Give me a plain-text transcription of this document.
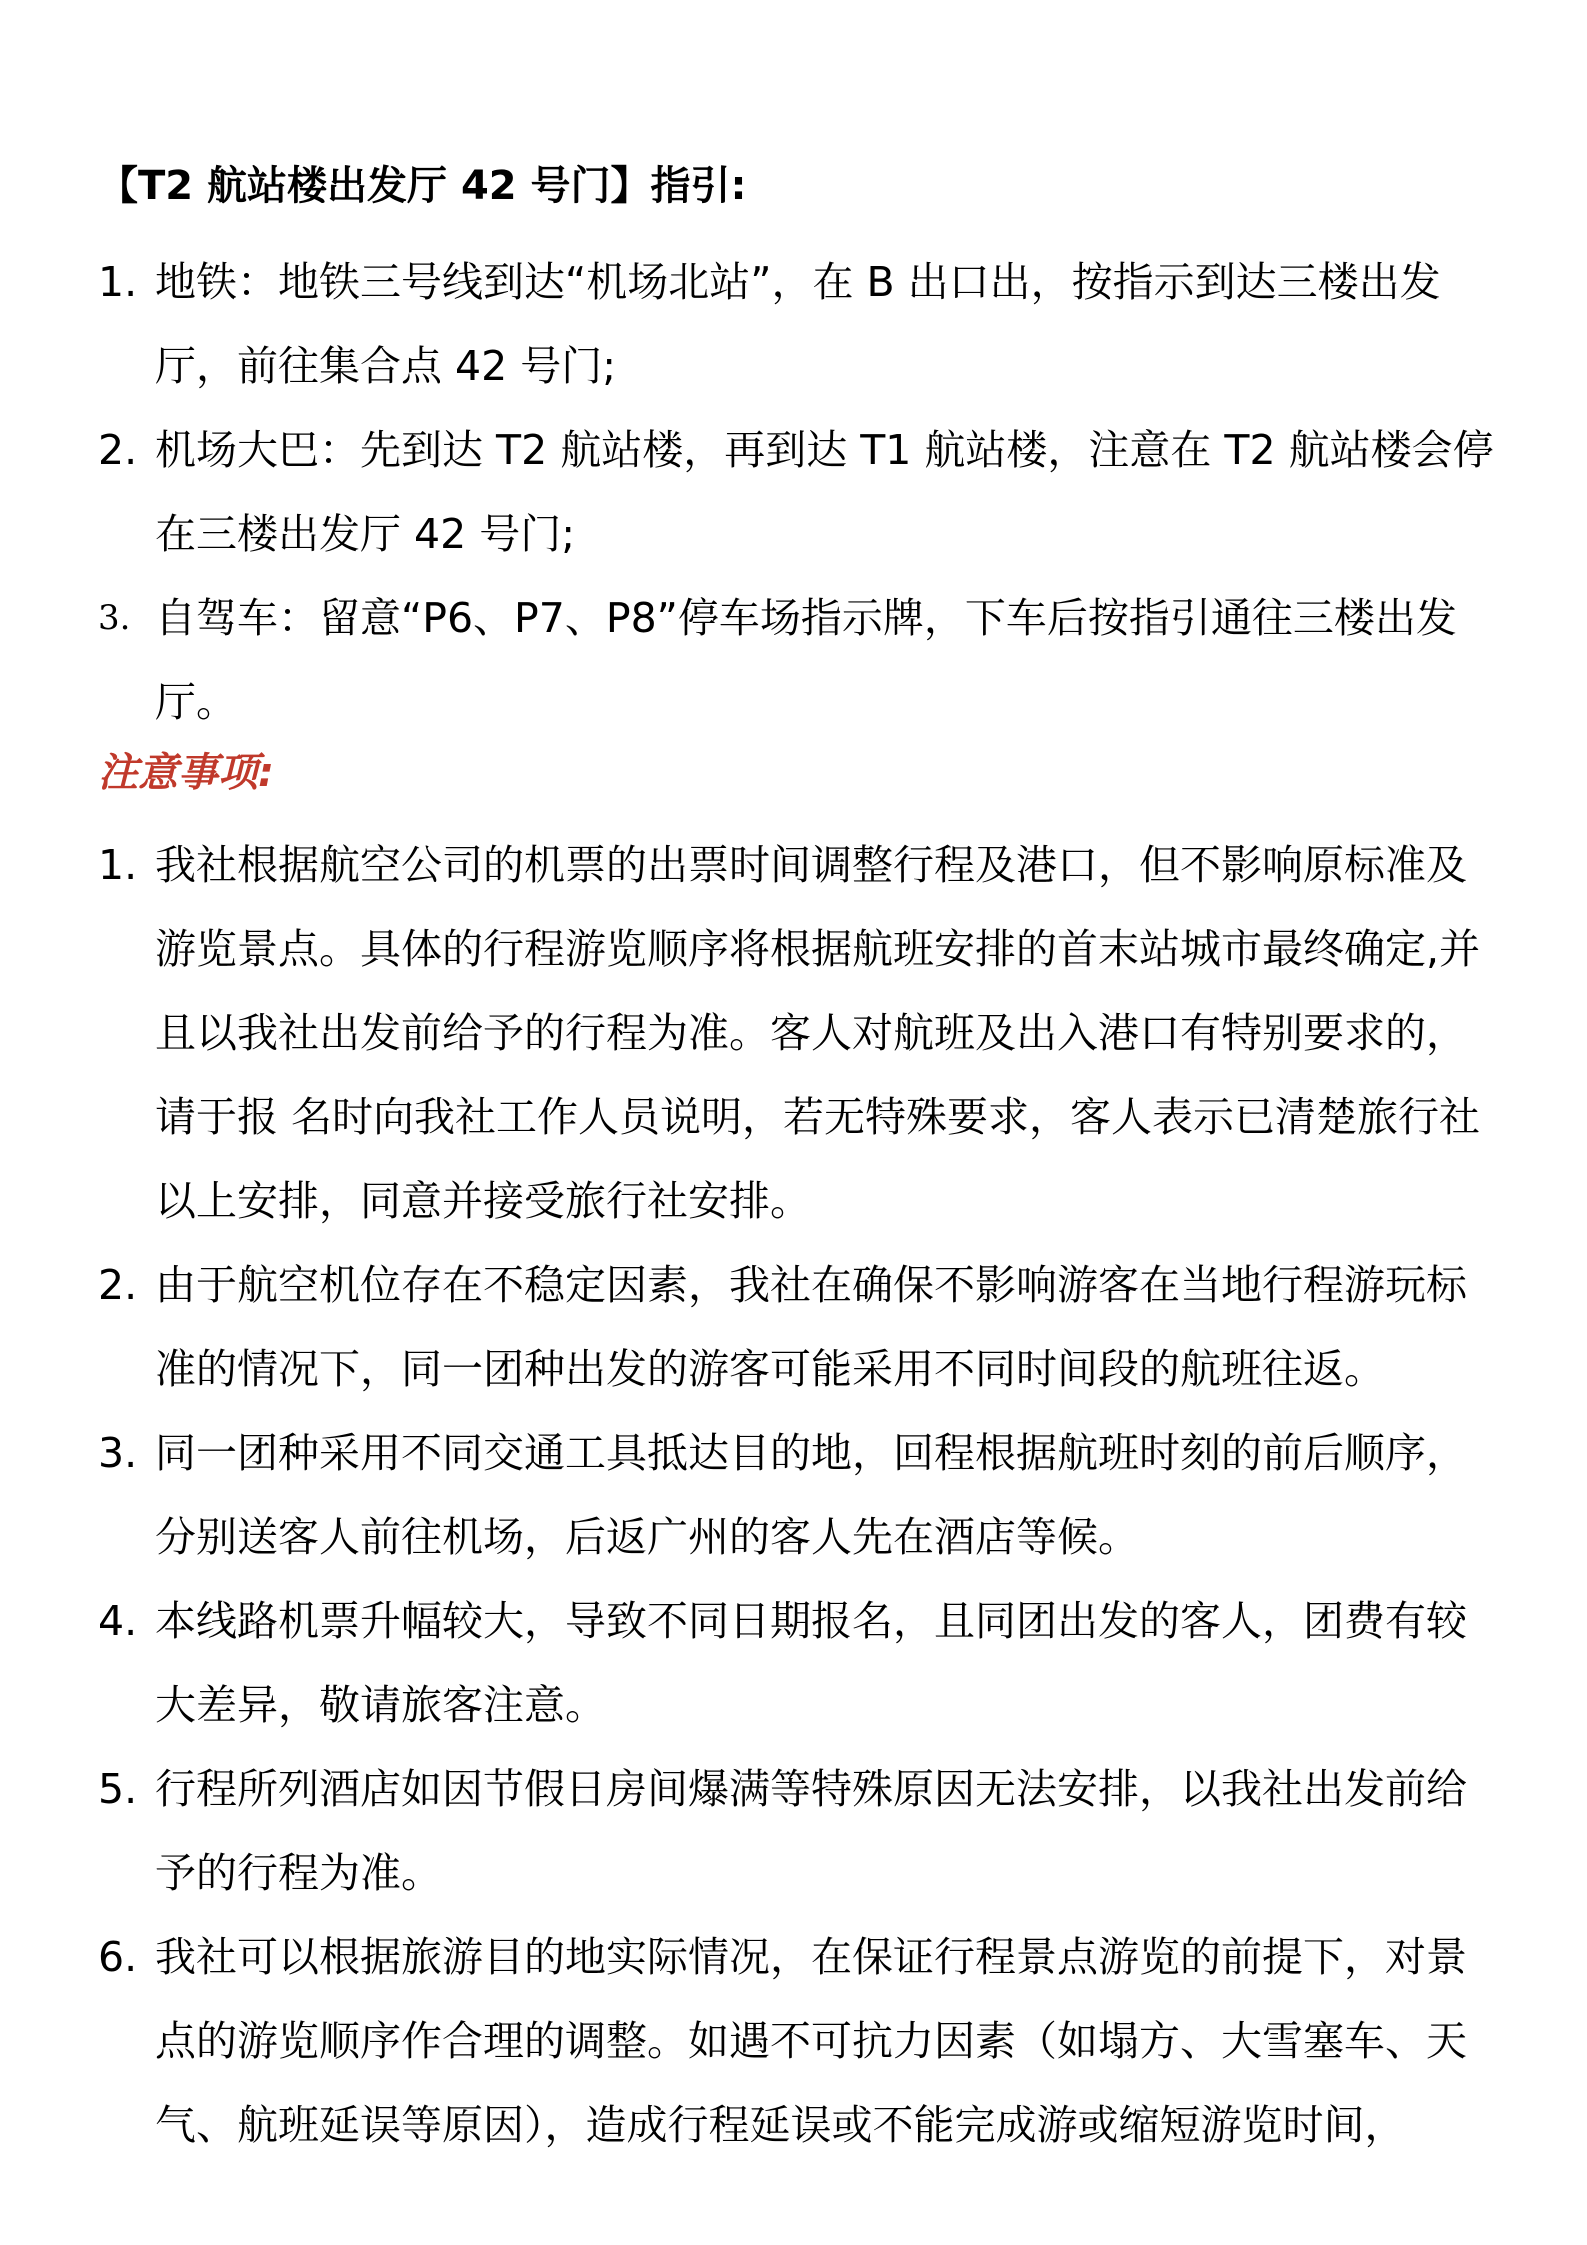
【T2 航站楼出发厅 42 号门】指引:
1. 地铁：地铁三号线到达“机场北站”，在 B 出口出，按指示到达三楼出发厅，前往集合点 42 号门;
2. 机场大巴：先到达 T2 航站楼，再到达 T1 航站楼，注意在 T2 航站楼会停在三楼出发厅 42 号门;
3. 自驾车：留意“P6、P7、P8”停车场指示牌，下车后按指引通往三楼出发厅。
注意事项:
1. 我社根据航空公司的机票的出票时间调整行程及港口，但不影响原标准及游览景点。具体的行程游览顺序将根据航班安排的首末站城市最终确定,并且以我社出发前给予的行程为准。客人对航班及出入港口有特别要求的，请于报 名时向我社工作人员说明，若无特殊要求，客人表示已清楚旅行社以上安排，同意并接受旅行社安排。
2. 由于航空机位存在不稳定因素，我社在确保不影响游客在当地行程游玩标准的情况下，同一团种出发的游客可能采用不同时间段的航班往返。
3. 同一团种采用不同交通工具抵达目的地，回程根据航班时刻的前后顺序，分别送客人前往机场，后返广州的客人先在酒店等候。
4. 本线路机票升幅较大，导致不同日期报名，且同团出发的客人，团费有较大差异，敬请旅客注意。
5. 行程所列酒店如因节假日房间爆满等特殊原因无法安排，以我社出发前给予的行程为准。
6. 我社可以根据旅游目的地实际情况，在保证行程景点游览的前提下，对景点的游览顺序作合理的调整。如遇不可抗力因素（如塌方、大雪塞车、天气、航班延误等原因），造成行程延误或不能完成游或缩短游览时间，
